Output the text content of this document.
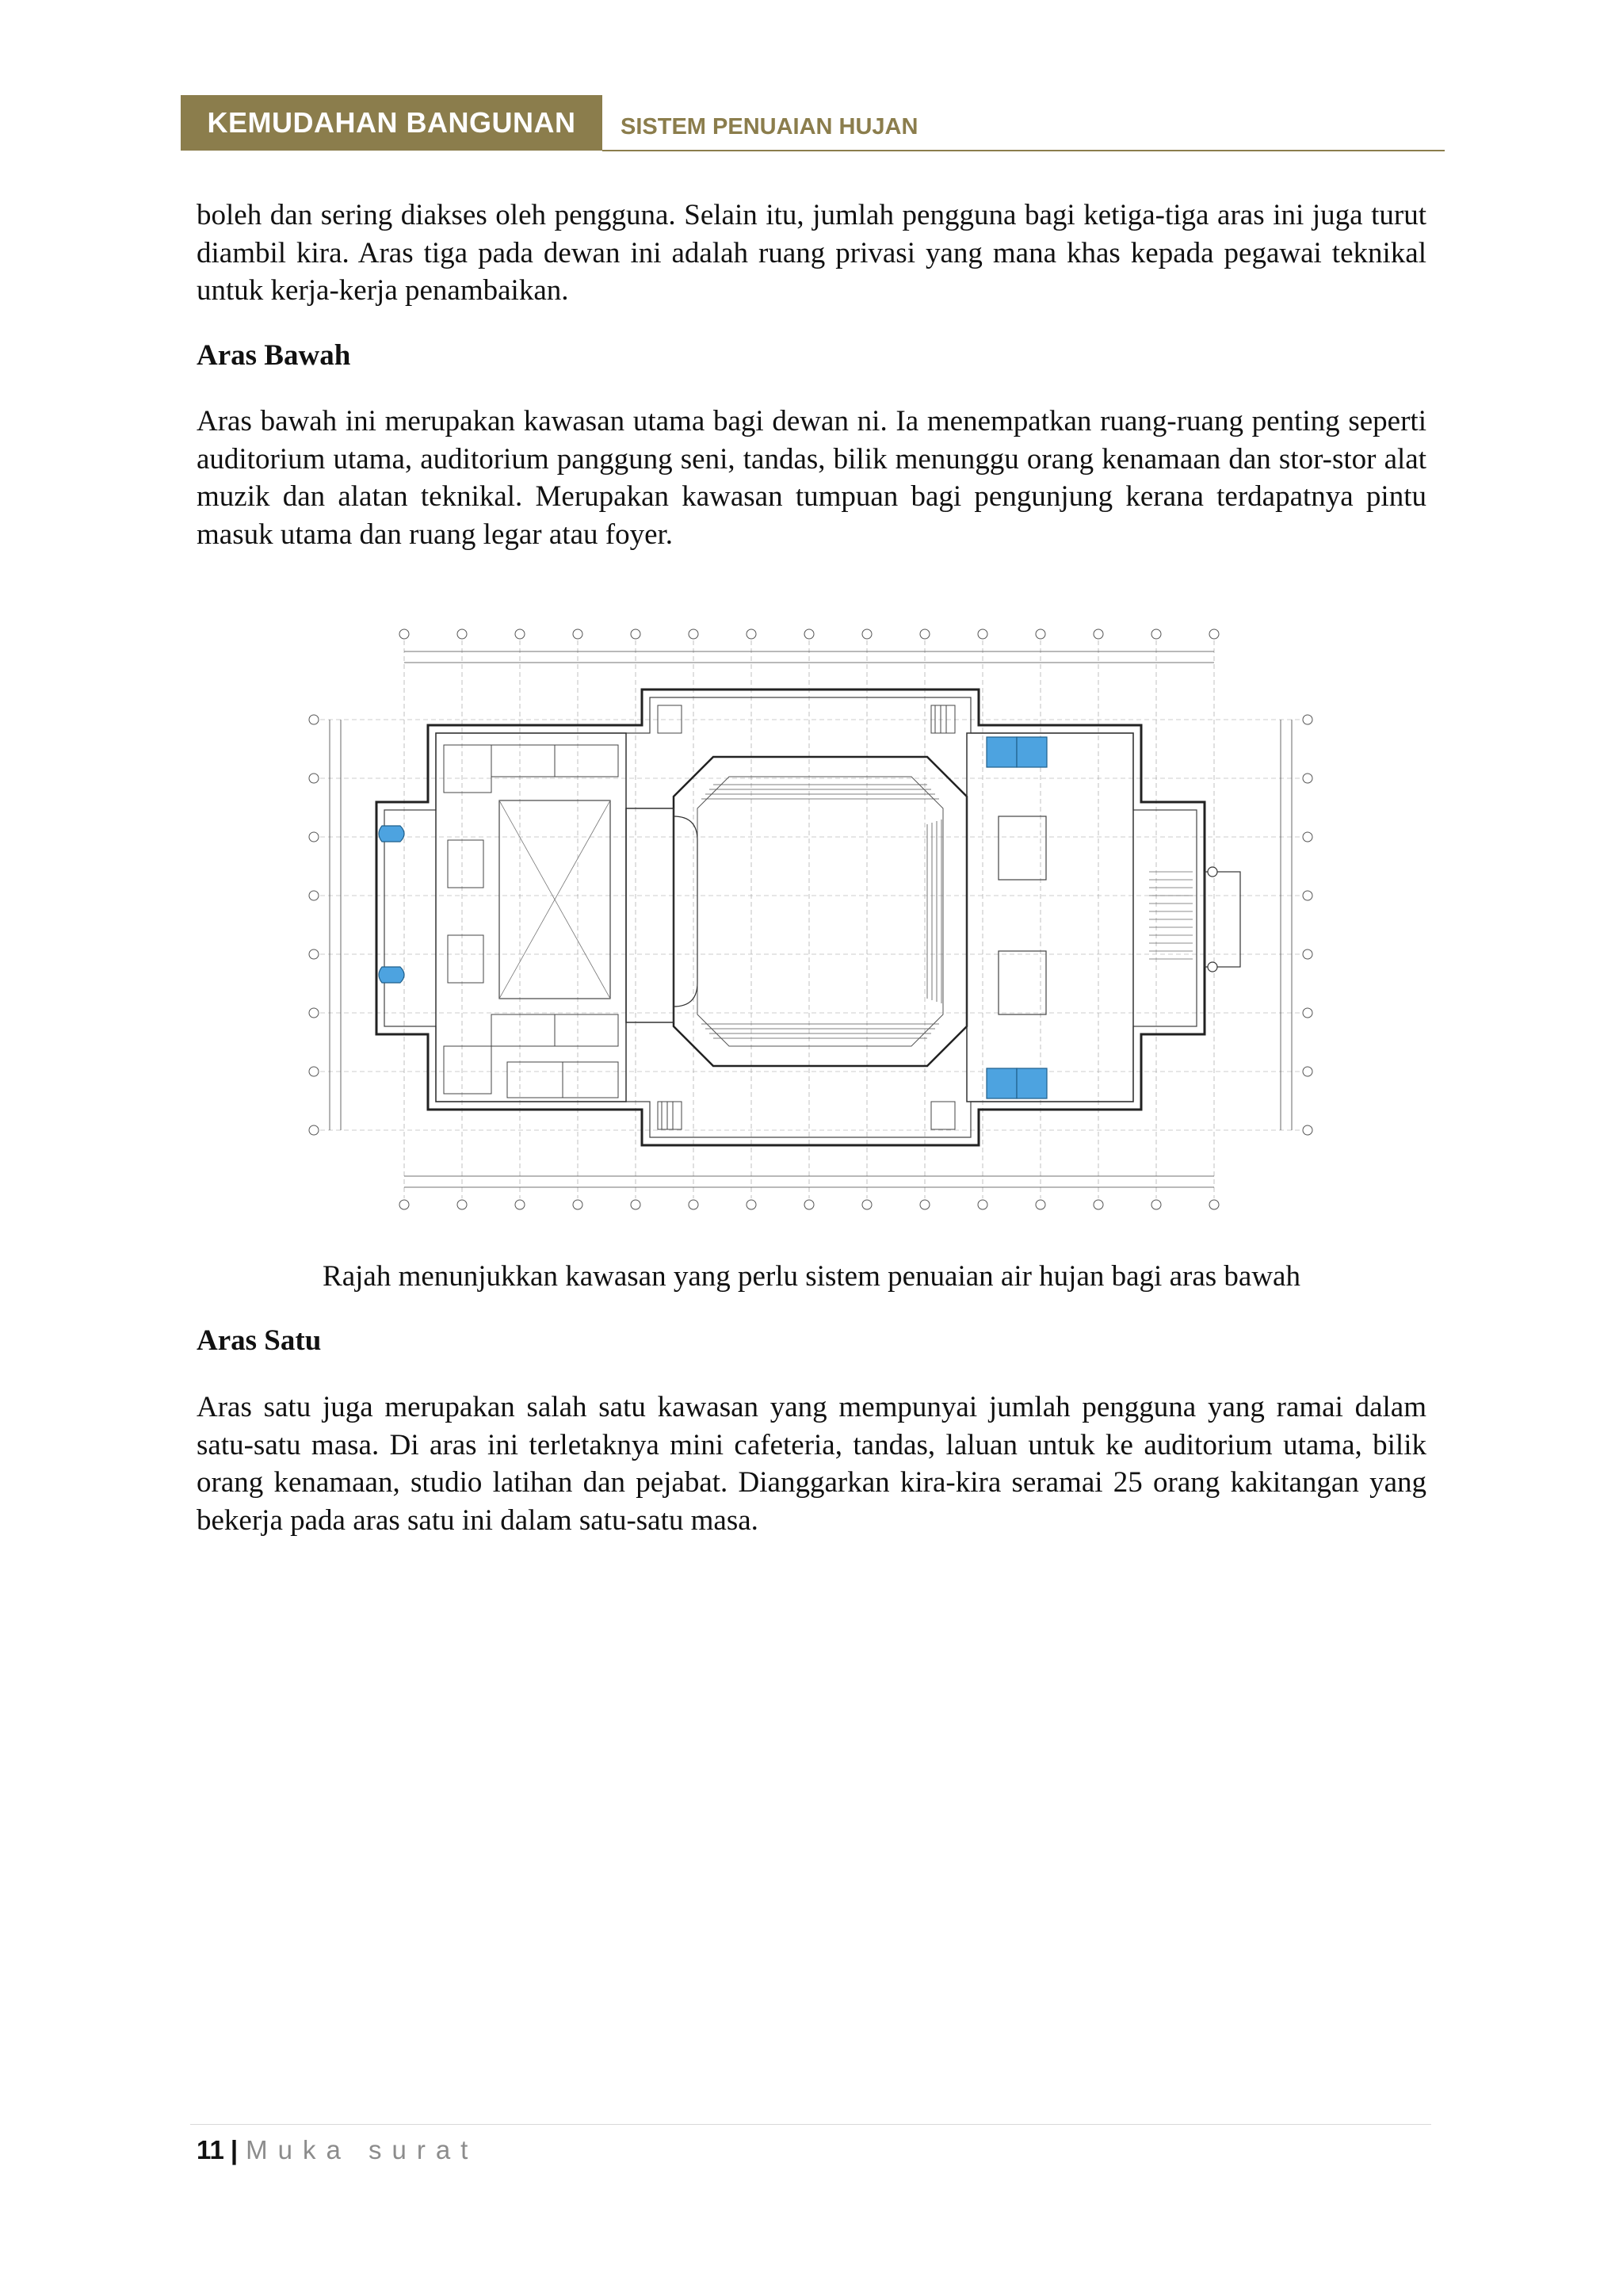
KEMUDAHAN BANGUNAN	SISTEM PENUAIAN HUJAN
boleh dan sering diakses oleh pengguna. Selain itu, jumlah pengguna bagi ketiga-tiga aras ini juga turut diambil kira. Aras tiga pada dewan ini adalah ruang privasi yang mana khas kepada pegawai teknikal untuk kerja-kerja penambaikan.
Aras Bawah
Aras bawah ini merupakan kawasan utama bagi dewan ni. Ia menempatkan ruang-ruang penting seperti auditorium utama, auditorium panggung seni, tandas, bilik menunggu orang kenamaan dan stor-stor alat muzik dan alatan teknikal. Merupakan kawasan tumpuan bagi pengunjung kerana terdapatnya pintu masuk utama dan ruang legar atau foyer.
Rajah menunjukkan kawasan yang perlu sistem penuaian air hujan bagi aras bawah
Aras Satu
Aras satu juga merupakan salah satu kawasan yang mempunyai jumlah pengguna yang ramai dalam satu-satu masa. Di aras ini terletaknya mini cafeteria, tandas, laluan untuk ke auditorium utama, bilik orang kenamaan, studio latihan dan pejabat. Dianggarkan kira-kira seramai 25 orang kakitangan yang bekerja pada aras satu ini dalam satu-satu masa.
11 | Muka surat
